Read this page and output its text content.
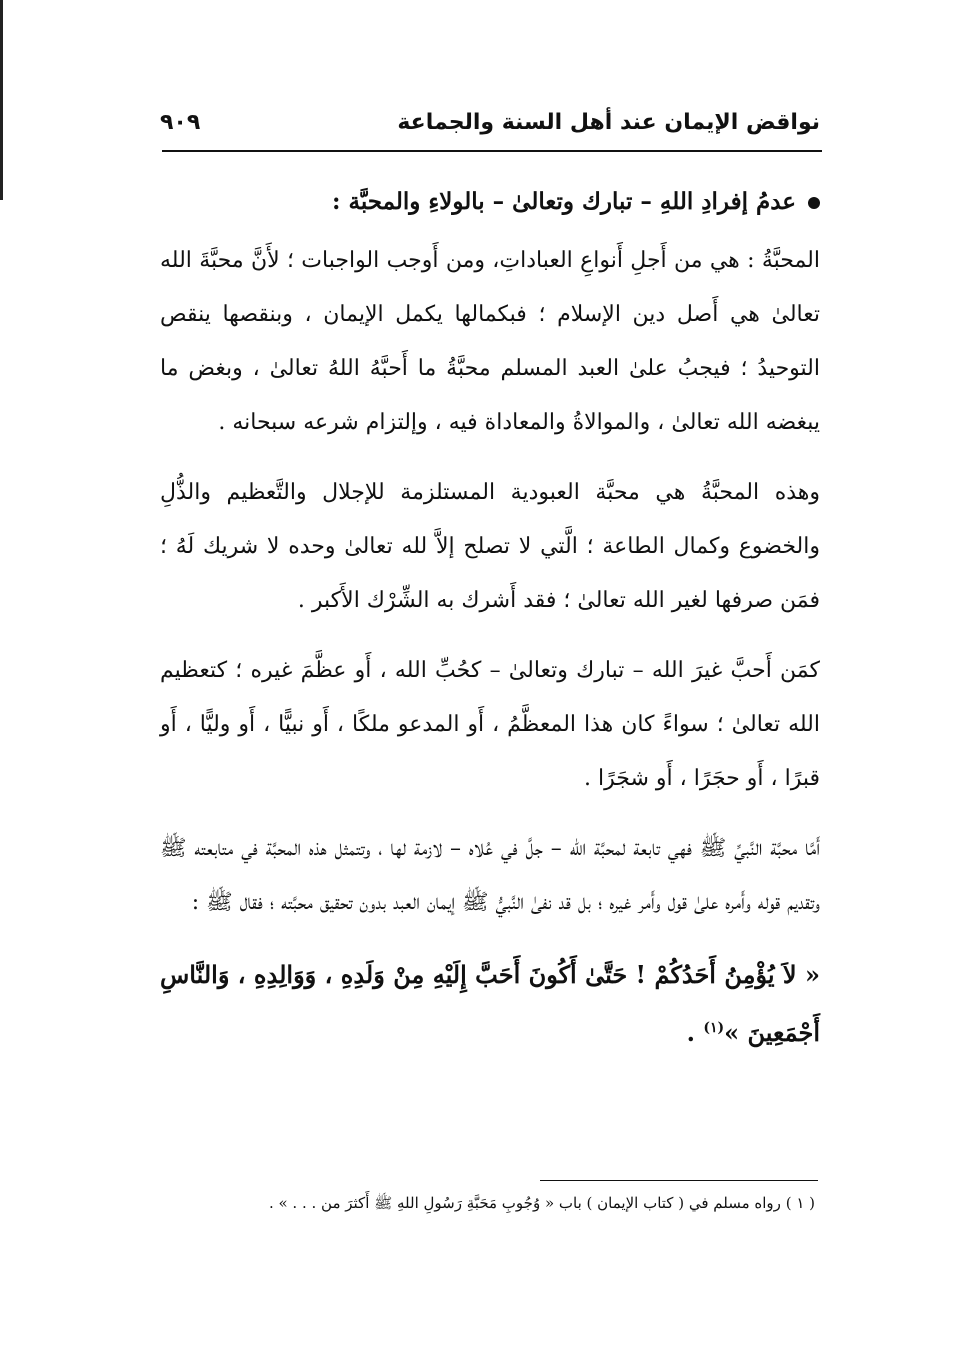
نواقض الإيمان عند أهل السنة والجماعة
٩٠٩

عدمُ إفرادِ اللهِ – تبارك وتعالىٰ – بالولاءِ والمحبَّة :

المحبَّةُ : هي من أَجلِ أَنواعِ العباداتِ، ومن أَوجب الواجبات ؛ لأَنَّ محبَّةَ الله تعالىٰ هي أَصل دين الإسلام ؛ فبكمالها يكمل الإيمان ، وبنقصها ينقص التوحيدُ ؛ فيجبُ علىٰ العبد المسلم محبَّةُ ما أَحبَّهُ اللهُ تعالىٰ ، وبغض ما يبغضه الله تعالىٰ ، والموالاةُ والمعاداة فيه ، وإلتزام شرعه سبحانه .

وهذه المحبَّةُ هي محبَّة العبودية المستلزمة للإجلال والتَّعظيم والذُّلِ والخضوع وكمال الطاعة ؛ الَّتي لا تصلح إلاَّ لله تعالىٰ وحده لا شريك لَهُ ؛ فمَن صرفها لغير الله تعالىٰ ؛ فقد أَشرك به الشِّرْك الأَكبر .

كمَن أَحبَّ غيرَ الله – تبارك وتعالىٰ – كحُبِّ الله ، أَو عظَّمَ غيره ؛ كتعظيم الله تعالىٰ ؛ سواءً كان هذا المعظَّمُ ، أَو المدعو ملكًا ، أَو نبيًّا ، أَو وليًّا ، أَو قبرًا ، أَو حجَرًا ، أَو شجَرًا .

أَمَّا محبَّة النَّبيِّ ﷺ فهي تابعة لمحبَّة الله – جلَّ في عُلاه – لازمة لها ، وتتمثل هذه المحبَّة في متابعته ﷺ وتقديم قوله وأَمره علىٰ قول وأَمر غيره ؛ بل قد نفىٰ النَّبيُّ ﷺ إيمان العبد بدون تحقيق محبَّته ؛ فقال ﷺ :

« لاَ يُؤْمِنُ أَحَدُكُمْ ! حَتَّىٰ أَكُونَ أَحَبَّ إِلَيْهِ مِنْ وَلَدِهِ ، وَوَالِدِهِ ، وَالنَّاسِ أَجْمَعِينَ »$^{(١)}$ .

( ١ ) رواه مسلم في ( كتاب الإيمان ) باب « وُجُوبِ مَحَبَّةِ رَسُولِ اللهِ ﷺ أَكثرَ من . . . » .
